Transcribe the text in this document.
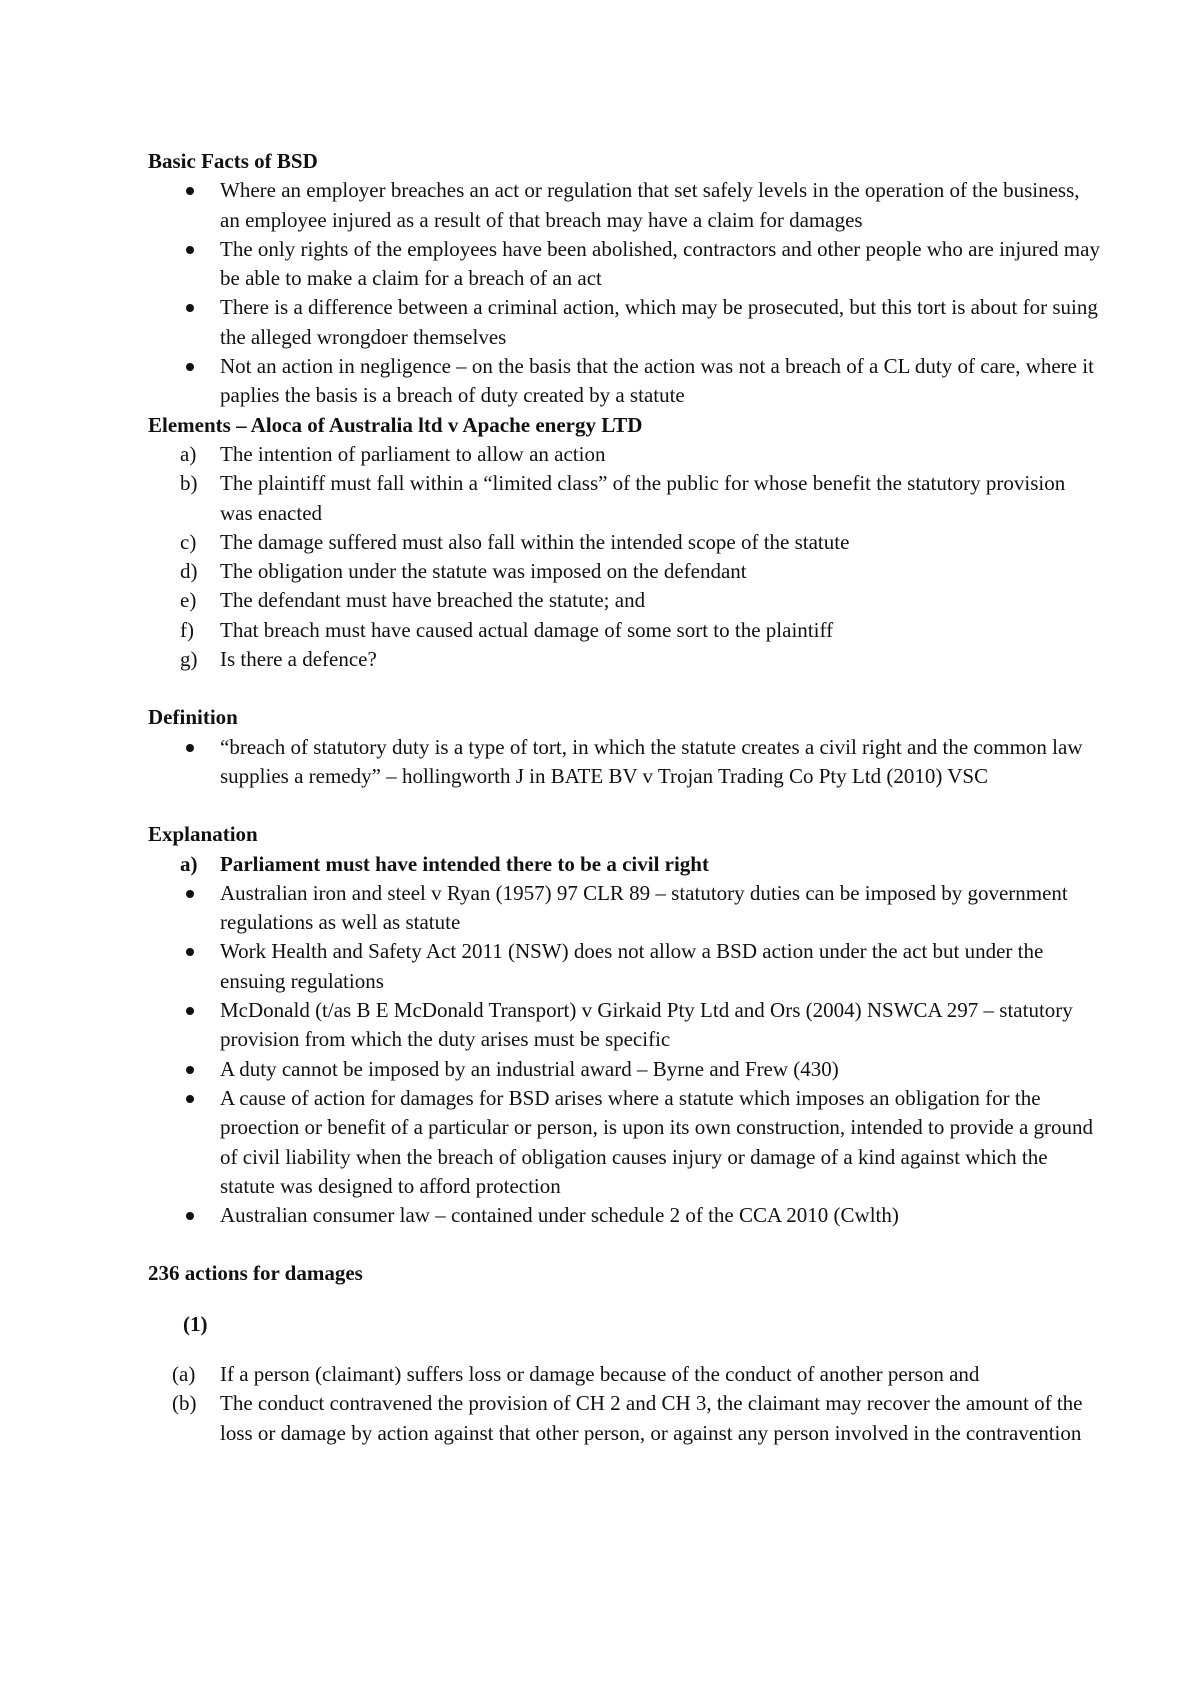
Basic Facts of BSD

Where an employer breaches an act or regulation that set safely levels in the operation of the business, an employee injured as a result of that breach may have a claim for damages
The only rights of the employees have been abolished, contractors and other people who are injured may be able to make a claim for a breach of an act
There is a difference between a criminal action, which may be prosecuted, but this tort is about for suing the alleged wrongdoer themselves
Not an action in negligence – on the basis that the action was not a breach of a CL duty of care, where it paplies the basis is a breach of duty created by a statute

Elements – Aloca of Australia ltd v Apache energy LTD

a) The intention of parliament to allow an action
b) The plaintiff must fall within a “limited class” of the public for whose benefit the statutory provision was enacted
c) The damage suffered must also fall within the intended scope of the statute
d) The obligation under the statute was imposed on the defendant
e) The defendant must have breached the statute; and
f) That breach must have caused actual damage of some sort to the plaintiff
g) Is there a defence?

Definition

“breach of statutory duty is a type of tort, in which the statute creates a civil right and the common law supplies a remedy” – hollingworth J in BATE BV v Trojan Trading Co Pty Ltd (2010) VSC

Explanation

a) Parliament must have intended there to be a civil right
Australian iron and steel v Ryan (1957) 97 CLR 89 – statutory duties can be imposed by government regulations as well as statute
Work Health and Safety Act 2011 (NSW) does not allow a BSD action under the act but under the ensuing regulations
McDonald (t/as B E McDonald Transport) v Girkaid Pty Ltd and Ors (2004) NSWCA 297 – statutory provision from which the duty arises must be specific
A duty cannot be imposed by an industrial award – Byrne and Frew (430)
A cause of action for damages for BSD arises where a statute which imposes an obligation for the proection or benefit of a particular or person, is upon its own construction, intended to provide a ground of civil liability when the breach of obligation causes injury or damage of a kind against which the statute was designed to afford protection
Australian consumer law – contained under schedule 2 of the CCA 2010 (Cwlth)

236 actions for damages

(1)

(a) If a person (claimant) suffers loss or damage because of the conduct of another person and
(b) The conduct contravened the provision of CH 2 and CH 3, the claimant may recover the amount of the loss or damage by action against that other person, or against any person involved in the contravention
